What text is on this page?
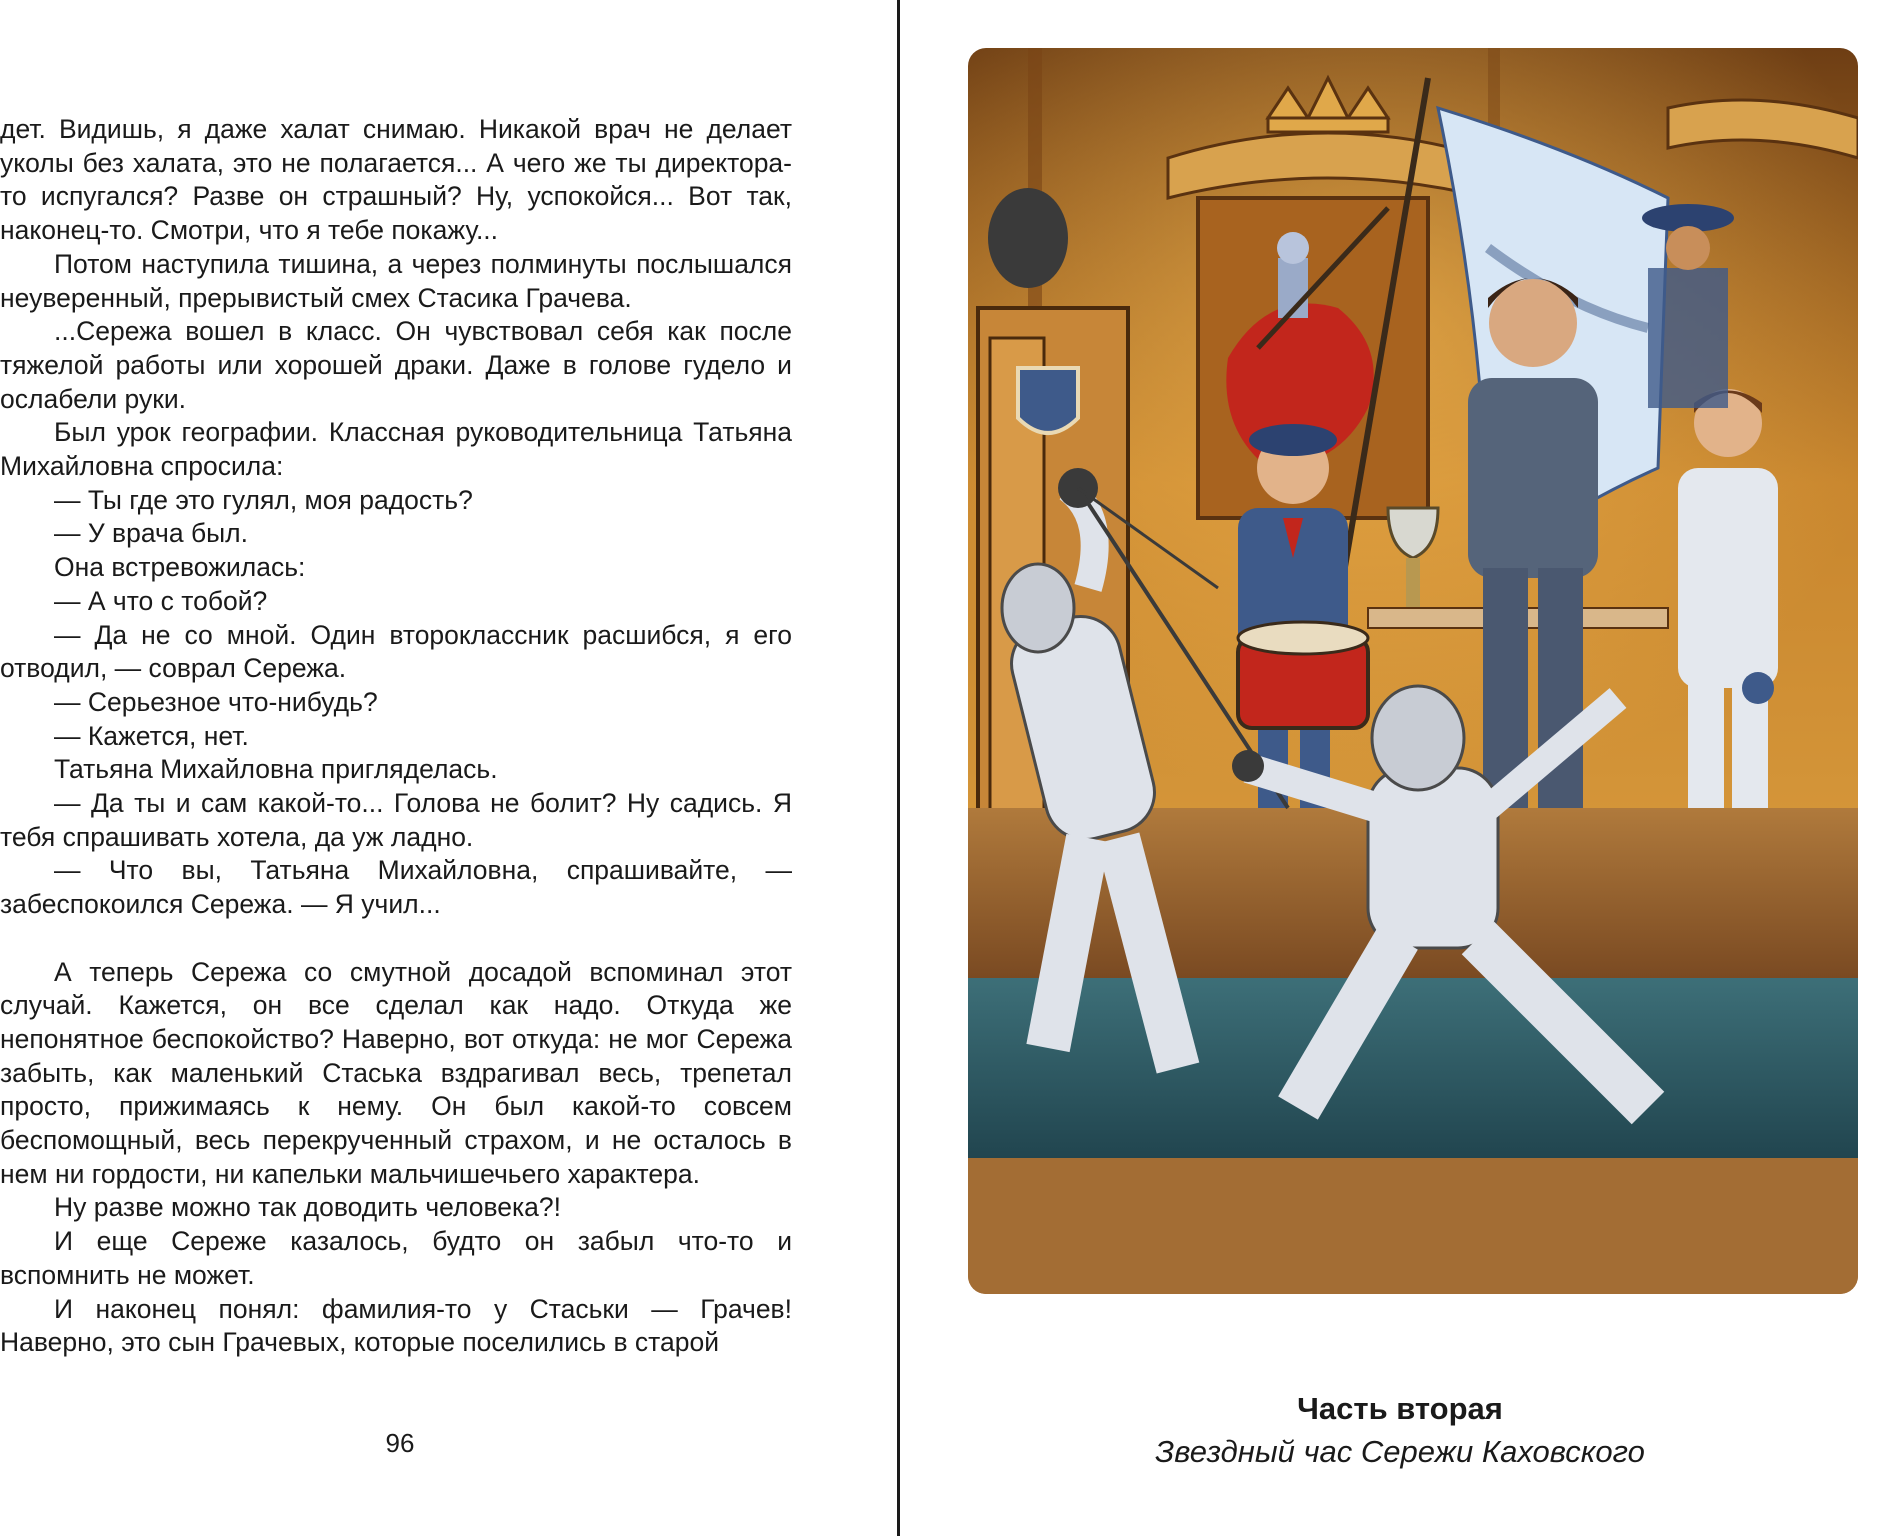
дет. Видишь, я даже халат снимаю. Никакой врач не делает уколы без халата, это не полагается... А чего же ты директора-то испугался? Разве он страшный? Ну, успокойся... Вот так, наконец-то. Смотри, что я тебе покажу...

Потом наступила тишина, а через полминуты послышался неуверенный, прерывистый смех Стасика Грачева.

...Сережа вошел в класс. Он чувствовал себя как после тяжелой работы или хорошей драки. Даже в голове гудело и ослабели руки.

Был урок географии. Классная руководительница Татьяна Михайловна спросила:

— Ты где это гулял, моя радость?

— У врача был.

Она встревожилась:

— А что с тобой?

— Да не со мной. Один второклассник расшибся, я его отводил, — соврал Сережа.

— Серьезное что-нибудь?

— Кажется, нет.

Татьяна Михайловна пригляделась.

— Да ты и сам какой-то... Голова не болит? Ну садись. Я тебя спрашивать хотела, да уж ладно.

— Что вы, Татьяна Михайловна, спрашивайте, — забеспокоился Сережа. — Я учил...

А теперь Сережа со смутной досадой вспоминал этот случай. Кажется, он все сделал как надо. Откуда же непонятное беспокойство? Наверно, вот откуда: не мог Сережа забыть, как маленький Стаська вздрагивал весь, трепетал просто, прижимаясь к нему. Он был какой-то совсем беспомощный, весь перекрученный страхом, и не осталось в нем ни гордости, ни капельки мальчишечьего характера.

Ну разве можно так доводить человека?!

И еще Сереже казалось, будто он забыл что-то и вспомнить не может.

И наконец понял: фамилия-то у Стаськи — Грачев! Наверно, это сын Грачевых, которые поселились в старой

96
Часть вторая
Звездный час Сережи Каховского
